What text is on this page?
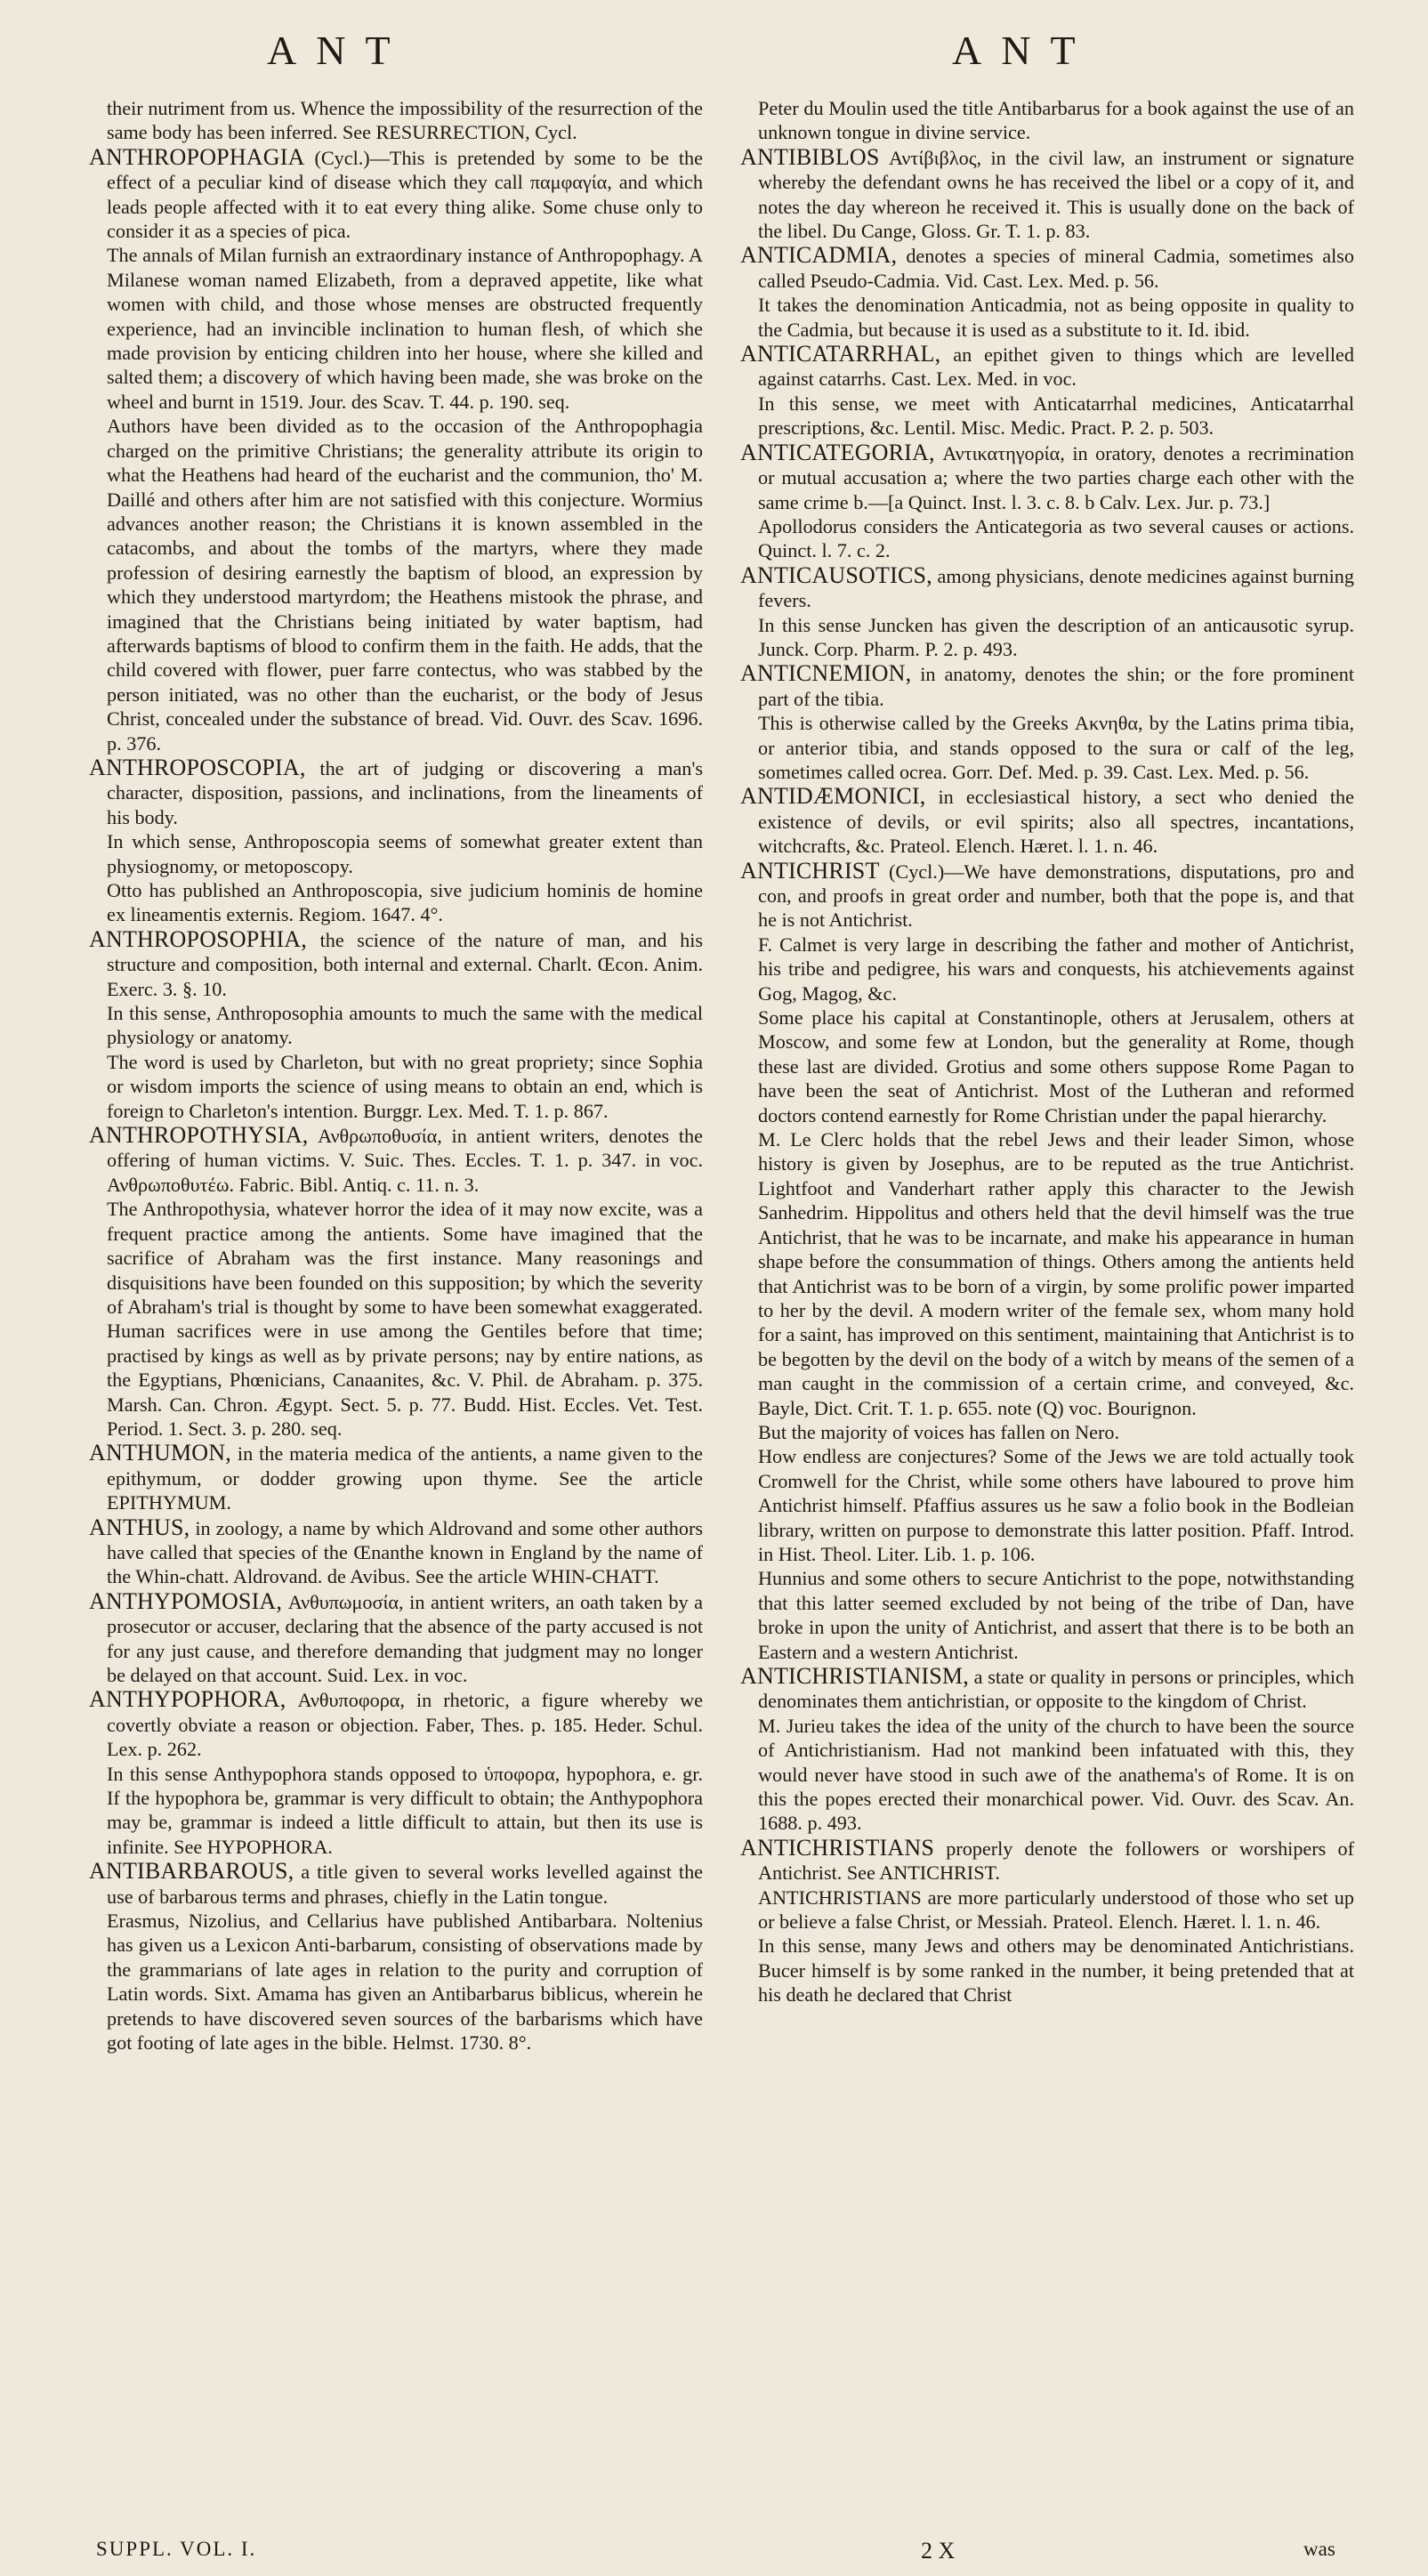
ANT	ANT

their nutriment from us. Whence the impossibility of the resurrection of the same body has been inferred. See RESURRECTION, Cycl.

ANTHROPOPHAGIA (Cycl.)—This is pretended by some to be the effect of a peculiar kind of disease which they call παμφαγία, and which leads people affected with it to eat every thing alike. Some chuse only to consider it as a species of pica.

The annals of Milan furnish an extraordinary instance of Anthropophagy. A Milanese woman named Elizabeth, from a depraved appetite, like what women with child, and those whose menses are obstructed frequently experience, had an invincible inclination to human flesh, of which she made provision by enticing children into her house, where she killed and salted them; a discovery of which having been made, she was broke on the wheel and burnt in 1519. Jour. des Scav. T. 44. p. 190. seq.

Authors have been divided as to the occasion of the Anthropophagia charged on the primitive Christians; the generality attribute its origin to what the Heathens had heard of the eucharist and the communion, tho' M. Daillé and others after him are not satisfied with this conjecture. Wormius advances another reason; the Christians it is known assembled in the catacombs, and about the tombs of the martyrs, where they made profession of desiring earnestly the baptism of blood, an expression by which they understood martyrdom; the Heathens mistook the phrase, and imagined that the Christians being initiated by water baptism, had afterwards baptisms of blood to confirm them in the faith. He adds, that the child covered with flower, puer farre contectus, who was stabbed by the person initiated, was no other than the eucharist, or the body of Jesus Christ, concealed under the substance of bread. Vid. Ouvr. des Scav. 1696. p. 376.

ANTHROPOSCOPIA, the art of judging or discovering a man's character, disposition, passions, and inclinations, from the lineaments of his body.

In which sense, Anthroposcopia seems of somewhat greater extent than physiognomy, or metoposcopy.

Otto has published an Anthroposcopia, sive judicium hominis de homine ex lineamentis externis. Regiom. 1647. 4°.

ANTHROPOSOPHIA, the science of the nature of man, and his structure and composition, both internal and external. Charlt. Œcon. Anim. Exerc. 3. §. 10.

In this sense, Anthroposophia amounts to much the same with the medical physiology or anatomy.

The word is used by Charleton, but with no great propriety; since Sophia or wisdom imports the science of using means to obtain an end, which is foreign to Charleton's intention. Burggr. Lex. Med. T. 1. p. 867.

ANTHROPOTHYSIA, Ανθρωποθυσία, in antient writers, denotes the offering of human victims. V. Suic. Thes. Eccles. T. 1. p. 347. in voc. Ανθρωποθυτέω. Fabric. Bibl. Antiq. c. 11. n. 3.

The Anthropothysia, whatever horror the idea of it may now excite, was a frequent practice among the antients. Some have imagined that the sacrifice of Abraham was the first instance. Many reasonings and disquisitions have been founded on this supposition; by which the severity of Abraham's trial is thought by some to have been somewhat exaggerated. Human sacrifices were in use among the Gentiles before that time; practised by kings as well as by private persons; nay by entire nations, as the Egyptians, Phœnicians, Canaanites, &c. V. Phil. de Abraham. p. 375. Marsh. Can. Chron. Ægypt. Sect. 5. p. 77. Budd. Hist. Eccles. Vet. Test. Period. 1. Sect. 3. p. 280. seq.

ANTHUMON, in the materia medica of the antients, a name given to the epithymum, or dodder growing upon thyme. See the article EPITHYMUM.

ANTHUS, in zoology, a name by which Aldrovand and some other authors have called that species of the Œnanthe known in England by the name of the Whin-chatt. Aldrovand. de Avibus. See the article WHIN-CHATT.

ANTHYPOMOSIA, Ανθυπωμοσία, in antient writers, an oath taken by a prosecutor or accuser, declaring that the absence of the party accused is not for any just cause, and therefore demanding that judgment may no longer be delayed on that account. Suid. Lex. in voc.

ANTHYPOPHORA, Ανθυποφορα, in rhetoric, a figure whereby we covertly obviate a reason or objection. Faber, Thes. p. 185. Heder. Schul. Lex. p. 262.

In this sense Anthypophora stands opposed to ὑποφορα, hypophora, e. gr. If the hypophora be, grammar is very difficult to obtain; the Anthypophora may be, grammar is indeed a little difficult to attain, but then its use is infinite. See HYPOPHORA.

ANTIBARBAROUS, a title given to several works levelled against the use of barbarous terms and phrases, chiefly in the Latin tongue.

Erasmus, Nizolius, and Cellarius have published Antibarbara. Noltenius has given us a Lexicon Anti-barbarum, consisting of observations made by the grammarians of late ages in relation to the purity and corruption of Latin words. Sixt. Amama has given an Antibarbarus biblicus, wherein he pretends to have discovered seven sources of the barbarisms which have got footing of late ages in the bible. Helmst. 1730. 8°.

Peter du Moulin used the title Antibarbarus for a book against the use of an unknown tongue in divine service.

ANTIBIBLOS Αντίβιβλος, in the civil law, an instrument or signature whereby the defendant owns he has received the libel or a copy of it, and notes the day whereon he received it. This is usually done on the back of the libel. Du Cange, Gloss. Gr. T. 1. p. 83.

ANTICADMIA, denotes a species of mineral Cadmia, sometimes also called Pseudo-Cadmia. Vid. Cast. Lex. Med. p. 56.

It takes the denomination Anticadmia, not as being opposite in quality to the Cadmia, but because it is used as a substitute to it. Id. ibid.

ANTICATARRHAL, an epithet given to things which are levelled against catarrhs. Cast. Lex. Med. in voc.

In this sense, we meet with Anticatarrhal medicines, Anticatarrhal prescriptions, &c. Lentil. Misc. Medic. Pract. P. 2. p. 503.

ANTICATEGORIA, Αντικατηγορία, in oratory, denotes a recrimination or mutual accusation a; where the two parties charge each other with the same crime b.—[a Quinct. Inst. l. 3. c. 8. b Calv. Lex. Jur. p. 73.]

Apollodorus considers the Anticategoria as two several causes or actions. Quinct. l. 7. c. 2.

ANTICAUSOTICS, among physicians, denote medicines against burning fevers.

In this sense Juncken has given the description of an anticausotic syrup. Junck. Corp. Pharm. P. 2. p. 493.

ANTICNEMION, in anatomy, denotes the shin; or the fore prominent part of the tibia.

This is otherwise called by the Greeks Ακνηθα, by the Latins prima tibia, or anterior tibia, and stands opposed to the sura or calf of the leg, sometimes called ocrea. Gorr. Def. Med. p. 39. Cast. Lex. Med. p. 56.

ANTIDÆMONICI, in ecclesiastical history, a sect who denied the existence of devils, or evil spirits; also all spectres, incantations, witchcrafts, &c. Prateol. Elench. Hæret. l. 1. n. 46.

ANTICHRIST (Cycl.)—We have demonstrations, disputations, pro and con, and proofs in great order and number, both that the pope is, and that he is not Antichrist.

F. Calmet is very large in describing the father and mother of Antichrist, his tribe and pedigree, his wars and conquests, his atchievements against Gog, Magog, &c.

Some place his capital at Constantinople, others at Jerusalem, others at Moscow, and some few at London, but the generality at Rome, though these last are divided. Grotius and some others suppose Rome Pagan to have been the seat of Antichrist. Most of the Lutheran and reformed doctors contend earnestly for Rome Christian under the papal hierarchy.

M. Le Clerc holds that the rebel Jews and their leader Simon, whose history is given by Josephus, are to be reputed as the true Antichrist. Lightfoot and Vanderhart rather apply this character to the Jewish Sanhedrim. Hippolitus and others held that the devil himself was the true Antichrist, that he was to be incarnate, and make his appearance in human shape before the consummation of things. Others among the antients held that Antichrist was to be born of a virgin, by some prolific power imparted to her by the devil. A modern writer of the female sex, whom many hold for a saint, has improved on this sentiment, maintaining that Antichrist is to be begotten by the devil on the body of a witch by means of the semen of a man caught in the commission of a certain crime, and conveyed, &c. Bayle, Dict. Crit. T. 1. p. 655. note (Q) voc. Bourignon.

But the majority of voices has fallen on Nero.

How endless are conjectures? Some of the Jews we are told actually took Cromwell for the Christ, while some others have laboured to prove him Antichrist himself. Pfaffius assures us he saw a folio book in the Bodleian library, written on purpose to demonstrate this latter position. Pfaff. Introd. in Hist. Theol. Liter. Lib. 1. p. 106.

Hunnius and some others to secure Antichrist to the pope, notwithstanding that this latter seemed excluded by not being of the tribe of Dan, have broke in upon the unity of Antichrist, and assert that there is to be both an Eastern and a western Antichrist.

ANTICHRISTIANISM, a state or quality in persons or principles, which denominates them antichristian, or opposite to the kingdom of Christ.

M. Jurieu takes the idea of the unity of the church to have been the source of Antichristianism. Had not mankind been infatuated with this, they would never have stood in such awe of the anathema's of Rome. It is on this the popes erected their monarchical power. Vid. Ouvr. des Scav. An. 1688. p. 493.

ANTICHRISTIANS properly denote the followers or worshipers of Antichrist. See ANTICHRIST.

ANTICHRISTIANS are more particularly understood of those who set up or believe a false Christ, or Messiah. Prateol. Elench. Hæret. l. 1. n. 46.

In this sense, many Jews and others may be denominated Antichristians. Bucer himself is by some ranked in the number, it being pretended that at his death he declared that Christ

SUPPL. VOL. I.	2 X	was
